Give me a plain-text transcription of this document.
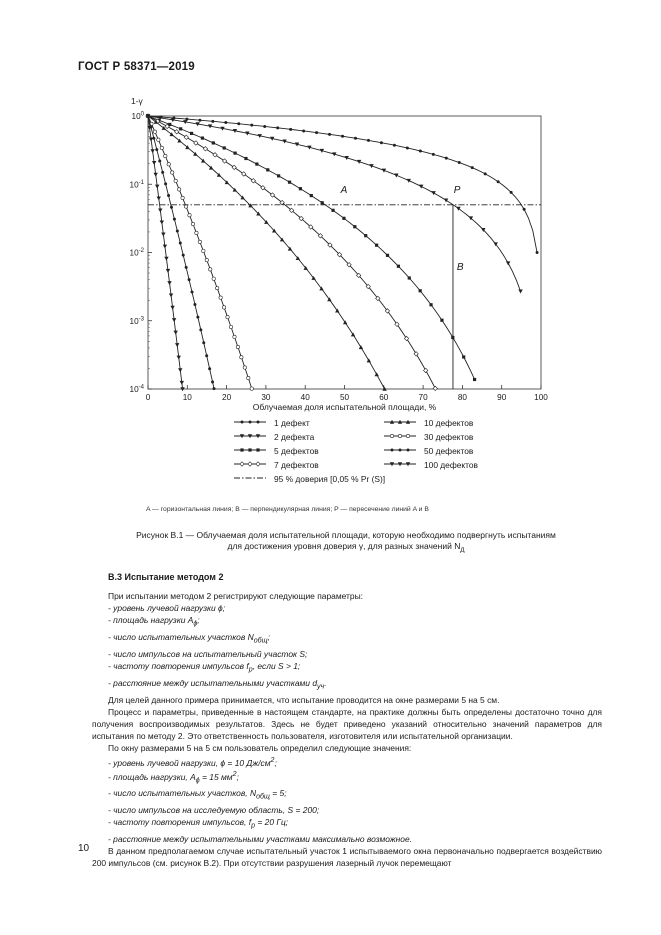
ГОСТ Р 58371—2019
$10^0$
$10^{-1}$
$10^{-2}$
$10^{-3}$
$10^{-4}$
0	10	20	30	40	50	60	70	80	90	100
1-γ
Облучаемая доля испытательной площади, %
A	P
B
1 дефект	10 дефектов
2 дефекта	30 дефектов
5 дефектов	50 дефектов
7 дефектов	100 дефектов
95 % доверия [0,05 % Pr (S)]
A — горизонтальная линия; B — перпендикулярная линия; P — пересечение линий A и B
Рисунок В.1 — Облучаемая доля испытательной площади, которую необходимо подвергнуть испытаниям
для достижения уровня доверия γ, для разных значений $N_д$
В.3 Испытание методом 2

При испытании методом 2 регистрируют следующие параметры:

- уровень лучевой нагрузки ϕ;
- площадь нагрузки $A_\phi$;
- число испытательных участков $N_{общ}$;
- число импульсов на испытательный участок S;
- частоту повторения импульсов $f_p$, если S > 1;
- расстояние между испытательными участками $d_{уч}$.

Для целей данного примера принимается, что испытание проводится на окне размерами 5 на 5 см.

Процесс и параметры, приведенные в настоящем стандарте, на практике должны быть определены достаточно точно для получения воспроизводимых результатов. Здесь не будет приведено указаний относительно значений параметров для испытания по методу 2. Это ответственность пользователя, изготовителя или испытательной организации.

По окну размерами 5 на 5 см пользователь определил следующие значения:

- уровень лучевой нагрузки, ϕ = 10 $Дж/см^2$;
- площадь нагрузки, $A_\phi = 15$ $мм^2$;
- число испытательных участков, $N_{общ} = 5$;
- число импульсов на исследуемую область, S = 200;
- частоту повторения импульсов, $f_p = 20$ Гц;
- расстояние между испытательными участками максимально возможное.

В данном предполагаемом случае испытательный участок 1 испытываемого окна первоначально подвергается воздействию 200 импульсов (см. рисунок В.2). При отсутствии разрушения лазерный лучок перемещают

10
